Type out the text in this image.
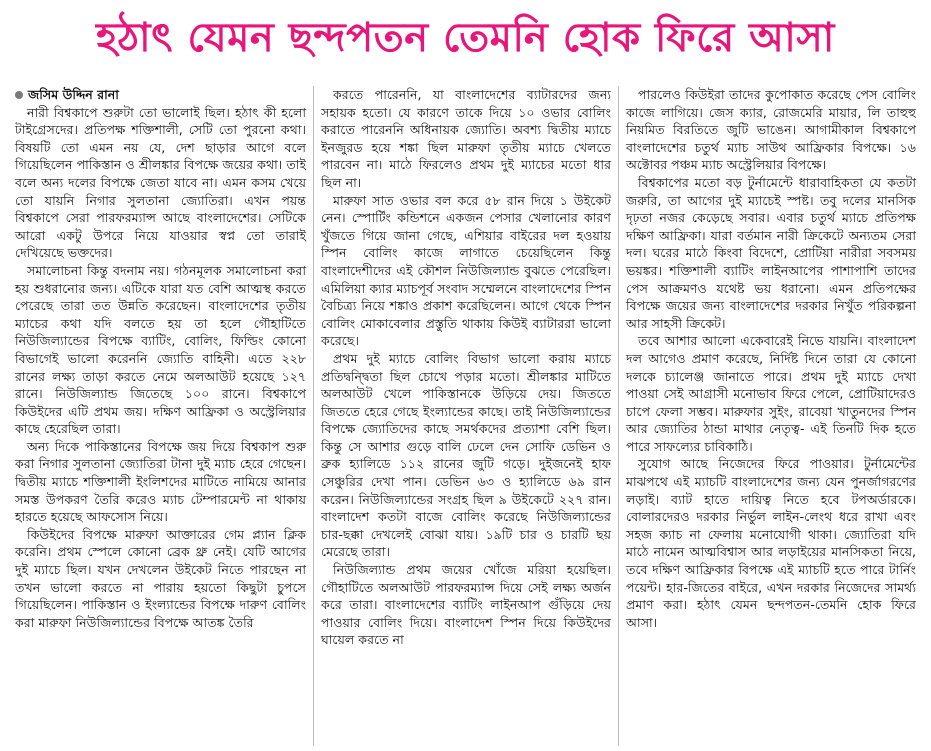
হঠাৎ যেমন ছন্দপতন তেমনি হোক ফিরে আসা
জসিম উদ্দিন রানা

নারী বিশ্বকাপে শুরুটা তো ভালোই ছিল। হঠাৎ কী হলো টাইগ্রেসদের। প্রতিপক্ষ শক্তিশালী, সেটি তো পুরনো কথা। বিষয়টি তো এমন নয় যে, দেশ ছাড়ার আগে বলে গিয়েছিলেন পাকিস্তান ও শ্রীলঙ্কার বিপক্ষে জয়ের কথা। তাই বলে অন্য দলের বিপক্ষে জেতা যাবে না। এমন কসম খেয়ে তো যায়নি নিগার সুলতানা জ্যোতিরা। এখন পয়ন্ত বিশ্বকাপে সেরা পারফরম্যান্স আছে বাংলাদেশের। সেটিকে আরো একটু উপরে নিয়ে যাওয়ার স্বপ্ন তো তারাই দেখিয়েছে ভক্তদের।

সমালোচনা কিন্তু বদনাম নয়। গঠনমূলক সমালোচনা করা হয় শুধরানোর জন্য। এটিকে যারা যত বেশি আত্মস্থ করতে পেরেছে তারা তত উন্নতি করেছেন। বাংলাদেশের তৃতীয় ম্যাচের কথা যদি বলতে হয় তা হলে গৌহাটিতে নিউজিল্যান্ডের বিপক্ষে ব্যাটিং, বোলিং, ফিল্ডিং কোনো বিভাগেই ভালো করেননি জ্যোতি বাহিনী। এতে ২২৮ রানের লক্ষ্য তাড়া করতে নেমে অলআউট হয়েছে ১২৭ রানে। নিউজিল্যান্ড জিতেছে ১০০ রানে। বিশ্বকাপে কিউইদের এটি প্রথম জয়। দক্ষিণ আফ্রিকা ও অস্ট্রেলিয়ার কাছে হেরেছিল তারা।

অন্য দিকে পাকিস্তানের বিপক্ষে জয় দিয়ে বিশ্বকাপ শুরু করা নিগার সুলতানা জ্যোতিরা টানা দুই ম্যাচ হেরে গেছেন। দ্বিতীয় ম্যাচে শক্তিশালী ইংলিশদের মাটিতে নামিয়ে আনার সমস্ত উপকরণ তৈরি করেও ম্যাচ টেম্পারমেন্ট না থাকায় হারতে হয়েছে আফসোস নিয়ে।

কিউইদের বিপক্ষে মারুফা আক্তারের গেম প্ল্যান ক্লিক করেনি। প্রথম স্পেলে কোনো ব্রেক থ্রু নেই। যেটি আগের দুই ম্যাচে ছিল। যখন দেখলেন উইকেট নিতে পারছেন না তখন ভালো করতে না পারায় হয়তো কিছুটা চুপসে গিয়েছিলেন। পাকিস্তান ও ইংল্যান্ডের বিপক্ষে দারুণ বোলিং করা মারুফা নিউজিল্যান্ডের বিপক্ষে আতঙ্ক তৈরি

করতে পারেননি, যা বাংলাদেশের ব্যাটারদের জন্য সহায়ক হতো। যে কারণে তাকে দিয়ে ১০ ওভার বোলিং করাতে পারেননি অধিনায়ক জ্যোতি। অবশ্য দ্বিতীয় ম্যাচে ইনজুরড হয়ে শঙ্কা ছিল মারুফা তৃতীয় ম্যাচে খেলতে পারবেন না। মাঠে ফিরলেও প্রথম দুই ম্যাচের মতো ধার ছিল না।

মারুফা সাত ওভার বল করে ৫৮ রান দিয়ে ১ উইকেট নেন। স্পোর্টিং কন্ডিশনে একজন পেসার খেলানোর কারণ খুঁজতে গিয়ে জানা গেছে, এশিয়ার বাইরের দল হওয়ায় স্পিন বোলিং কাজে লাগাতে চেয়েছিলেন কিন্তু বাংলাদেশীদের এই কৌশল নিউজিল্যান্ড বুঝতে পেরেছিল। এমিলিয়া ক্যার ম্যাচপূর্ব সংবাদ সম্মেলনে বাংলাদেশের স্পিন বৈচিত্র্য নিয়ে শঙ্কাও প্রকাশ করেছিলেন। আগে থেকে স্পিন বোলিং মোকাবেলার প্রস্তুতি থাকায় কিউই ব্যাটাররা ভালো করেছে।

প্রথম দুই ম্যাচে বোলিং বিভাগ ভালো করায় ম্যাচে প্রতিদ্বন্দ্বিতা ছিল চোখে পড়ার মতো। শ্রীলঙ্কার মাটিতে অলআউট খেলে পাকিস্তানকে উড়িয়ে দেয়। জিততে জিততে হেরে গেছে ইংল্যান্ডের কাছে। তাই নিউজিল্যান্ডের বিপক্ষে জ্যোতিদের কাছে সমর্থকদের প্রত্যাশা বেশি ছিল। কিন্তু সে আশার গুড়ে বালি ঢেলে দেন সোফি ডেভিন ও ব্রুক হ্যালিডে ১১২ রানের জুটি গড়ে। দুইজনেই হাফ সেঞ্চুরির দেখা পান। ডেভিন ৬৩ ও হ্যালিডে ৬৯ রান করেন। নিউজিল্যান্ডের সংগ্রহ ছিল ৯ উইকেটে ২২৭ রান। বাংলাদেশ কতটা বাজে বোলিং করেছে নিউজিল্যান্ডের চার-ছক্কা দেখলেই বোঝা যায়। ১৯টি চার ও চারটি ছয় মেরেছে তারা।

নিউজিল্যান্ড প্রথম জয়ের খোঁজে মরিয়া হয়েছিল। গৌহাটিতে অলআউট পারফরম্যান্স দিয়ে সেই লক্ষ্য অর্জন করে তারা। বাংলাদেশের ব্যাটিং লাইনআপ গুঁড়িয়ে দেয় পাওয়ার বোলিং দিয়ে। বাংলাদেশ স্পিন দিয়ে কিউইদের ঘায়েল করতে না

পারলেও কিউইরা তাদের কুপোকাত করেছে পেস বোলিং কাজে লাগিয়ে। জেস ক্যার, রোজমেরি মায়ার, লি তাহুহু নিয়মিত বিরতিতে জুটি ভাঙেন। আগামীকাল বিশ্বকাপে বাংলাদেশের চতুর্থ ম্যাচ সাউথ আফ্রিকার বিপক্ষে। ১৬ অক্টোবর পঞ্চম ম্যাচ অস্ট্রেলিয়ার বিপক্ষে।

বিশ্বকাপের মতো বড় টুর্নামেন্টে ধারাবাহিকতা যে কতটা জরুরি, তা আগের দুই ম্যাচেই স্পষ্ট। তবু দলের মানসিক দৃঢ়তা নজর কেড়েছে সবার। এবার চতুর্থ ম্যাচে প্রতিপক্ষ দক্ষিণ আফ্রিকা। যারা বর্তমান নারী ক্রিকেটে অন্যতম সেরা দল। ঘরের মাঠে কিংবা বিদেশে, প্রোটিয়া নারীরা সবসময় ভয়ঙ্কর। শক্তিশালী ব্যাটিং লাইনআপের পাশাপাশি তাদের পেস আক্রমণও যথেষ্ট ভয় ধরানো। এমন প্রতিপক্ষের বিপক্ষে জয়ের জন্য বাংলাদেশের দরকার নিখুঁত পরিকল্পনা আর সাহসী ক্রিকেট।

তবে আশার আলো একেবারেই নিভে যায়নি। বাংলাদেশ দল আগেও প্রমাণ করেছে, নির্দিষ্ট দিনে তারা যে কোনো দলকে চ্যালেঞ্জ জানাতে পারে। প্রথম দুই ম্যাচে দেখা পাওয়া সেই আগ্রাসী মনোভাব ফিরে পেলে, প্রোটিয়াদেরও চাপে ফেলা সম্ভব। মারুফার সুইং, রাবেয়া খাতুনদের স্পিন আর জ্যোতির ঠান্ডা মাথার নেতৃত্ব- এই তিনটি দিক হতে পারে সাফল্যের চাবিকাঠি।

সুযোগ আছে নিজেদের ফিরে পাওয়ার। টুর্নামেন্টের মাঝপথে এই ম্যাচটি বাংলাদেশের জন্য যেন পুনর্জাগরণের লড়াই। ব্যাট হাতে দায়িত্ব নিতে হবে টপঅর্ডারকে। বোলারদেরও দরকার নির্ভুল লাইন-লেংথ ধরে রাখা এবং সহজ ক্যাচ না ফেলায় মনোযোগী থাকা। জ্যোতিরা যদি মাঠে নামেন আত্মবিশ্বাস আর লড়াইয়ের মানসিকতা নিয়ে, তবে দক্ষিণ আফ্রিকার বিপক্ষে এই ম্যাচটি হতে পারে টার্নিং পয়েন্ট। হার-জিতের বাইরে, এখন দরকার নিজেদের সামর্থ্য প্রমাণ করা। হঠাৎ যেমন ছন্দপতন-তেমনি হোক ফিরে আসা।
